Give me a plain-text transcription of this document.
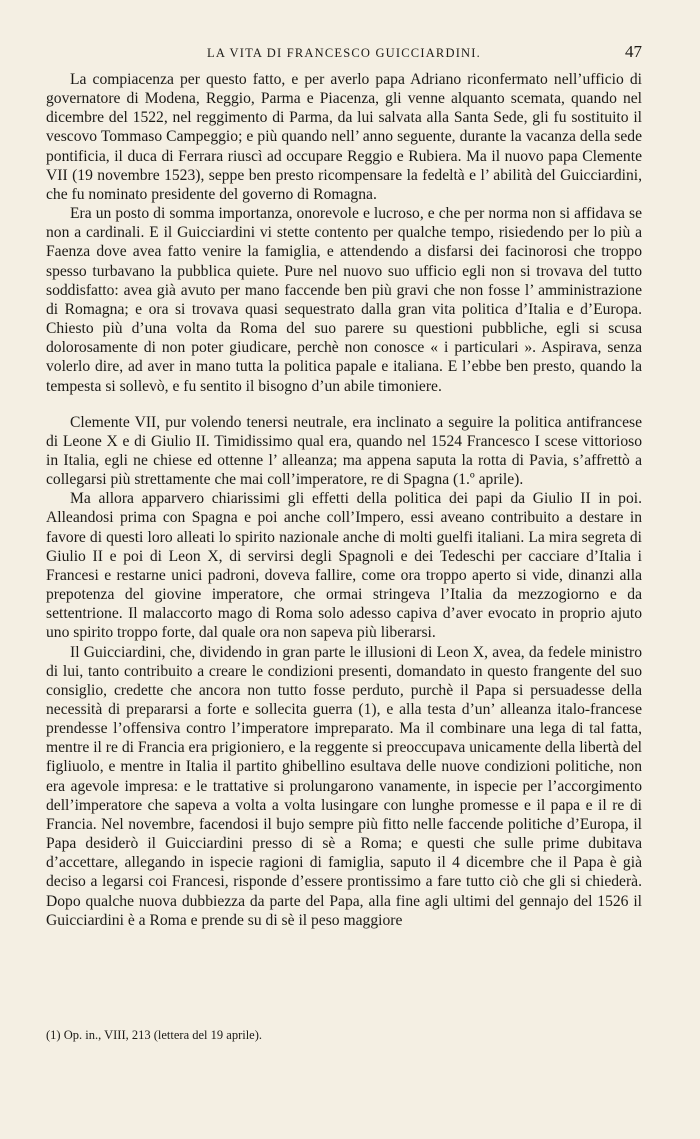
LA VITA DI FRANCESCO GUICCIARDINI.	47

La compiacenza per questo fatto, e per averlo papa Adriano riconfermato nell’ufficio di governatore di Modena, Reggio, Parma e Piacenza, gli venne alquanto scemata, quando nel dicembre del 1522, nel reggimento di Parma, da lui salvata alla Santa Sede, gli fu sostituito il vescovo Tommaso Campeggio; e più quando nell’ anno seguente, durante la vacanza della sede pontificia, il duca di Ferrara riuscì ad occupare Reggio e Rubiera. Ma il nuovo papa Clemente VII (19 novembre 1523), seppe ben presto ricompensare la fedeltà e l’ abilità del Guicciardini, che fu nominato presidente del governo di Romagna.

Era un posto di somma importanza, onorevole e lucroso, e che per norma non si affidava se non a cardinali. E il Guicciardini vi stette contento per qualche tempo, risiedendo per lo più a Faenza dove avea fatto venire la famiglia, e attendendo a disfarsi dei facinorosi che troppo spesso turbavano la pubblica quiete. Pure nel nuovo suo ufficio egli non si trovava del tutto soddisfatto: avea già avuto per mano faccende ben più gravi che non fosse l’ amministrazione di Romagna; e ora si trovava quasi sequestrato dalla gran vita politica d’Italia e d’Europa. Chiesto più d’una volta da Roma del suo parere su questioni pubbliche, egli si scusa dolorosamente di non poter giudicare, perchè non conosce « i particulari ». Aspirava, senza volerlo dire, ad aver in mano tutta la politica papale e italiana. E l’ebbe ben presto, quando la tempesta si sollevò, e fu sentito il bisogno d’un abile timoniere.

Clemente VII, pur volendo tenersi neutrale, era inclinato a seguire la politica antifrancese di Leone X e di Giulio II. Timidissimo qual era, quando nel 1524 Francesco I scese vittorioso in Italia, egli ne chiese ed ottenne l’ alleanza; ma appena saputa la rotta di Pavia, s’affrettò a collegarsi più strettamente che mai coll’imperatore, re di Spagna (1.º aprile).

Ma allora apparvero chiarissimi gli effetti della politica dei papi da Giulio II in poi. Alleandosi prima con Spagna e poi anche coll’Impero, essi aveano contribuito a destare in favore di questi loro alleati lo spirito nazionale anche di molti guelfi italiani. La mira segreta di Giulio II e poi di Leon X, di servirsi degli Spagnoli e dei Tedeschi per cacciare d’Italia i Francesi e restarne unici padroni, doveva fallire, come ora troppo aperto si vide, dinanzi alla prepotenza del giovine imperatore, che ormai stringeva l’Italia da mezzogiorno e da settentrione. Il malaccorto mago di Roma solo adesso capiva d’aver evocato in proprio ajuto uno spirito troppo forte, dal quale ora non sapeva più liberarsi.

Il Guicciardini, che, dividendo in gran parte le illusioni di Leon X, avea, da fedele ministro di lui, tanto contribuito a creare le condizioni presenti, domandato in questo frangente del suo consiglio, credette che ancora non tutto fosse perduto, purchè il Papa si persuadesse della necessità di prepararsi a forte e sollecita guerra (1), e alla testa d’un’ alleanza italo-francese prendesse l’offensiva contro l’imperatore impreparato. Ma il combinare una lega di tal fatta, mentre il re di Francia era prigioniero, e la reggente si preoccupava unicamente della libertà del figliuolo, e mentre in Italia il partito ghibellino esultava delle nuove condizioni politiche, non era agevole impresa: e le trattative si prolungarono vanamente, in ispecie per l’accorgimento dell’imperatore che sapeva a volta a volta lusingare con lunghe promesse e il papa e il re di Francia. Nel novembre, facendosi il bujo sempre più fitto nelle faccende politiche d’Europa, il Papa desiderò il Guicciardini presso di sè a Roma; e questi che sulle prime dubitava d’accettare, allegando in ispecie ragioni di famiglia, saputo il 4 dicembre che il Papa è già deciso a legarsi coi Francesi, risponde d’essere prontissimo a fare tutto ciò che gli si chiederà. Dopo qualche nuova dubbiezza da parte del Papa, alla fine agli ultimi del gennajo del 1526 il Guicciardini è a Roma e prende su di sè il peso maggiore

(1) Op. in., VIII, 213 (lettera del 19 aprile).
